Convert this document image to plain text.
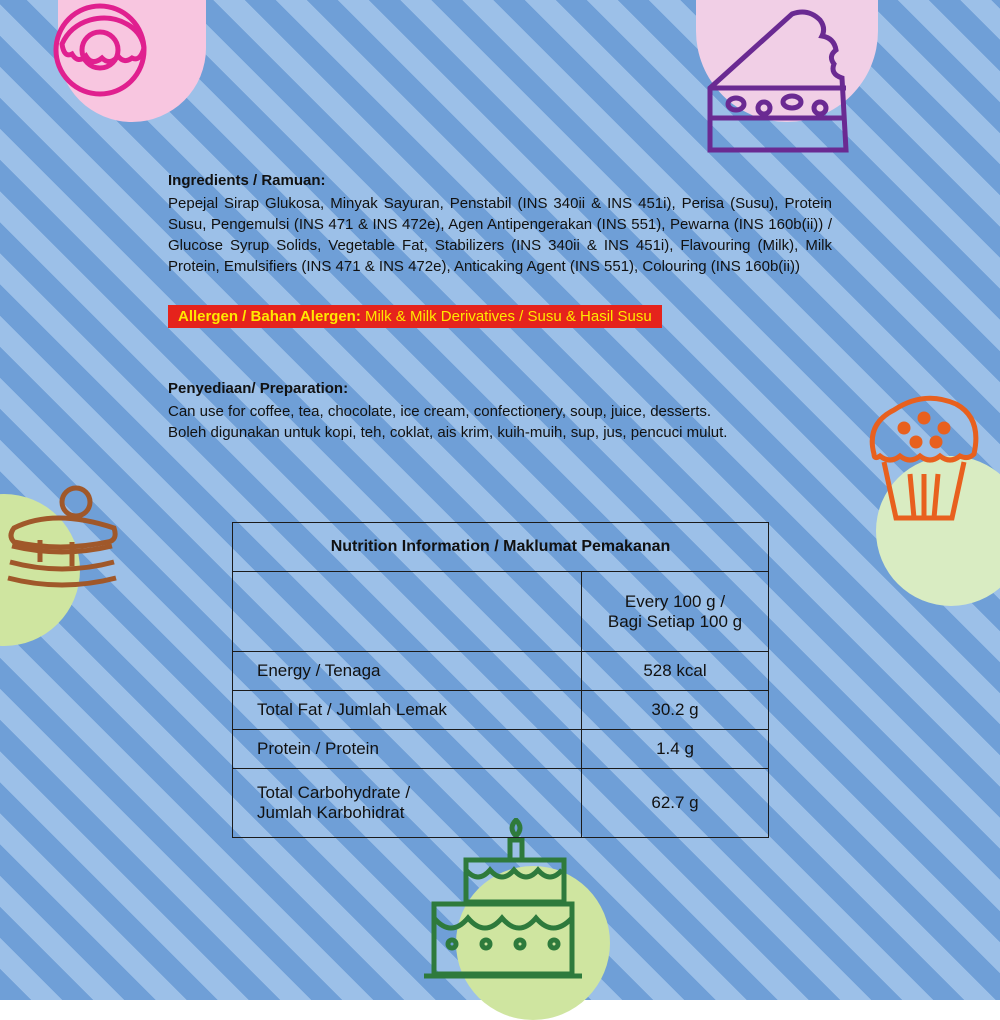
Ingredients / Ramuan:

Pepejal Sirap Glukosa, Minyak Sayuran, Penstabil (INS 340ii & INS 451i), Perisa (Susu), Protein Susu, Pengemulsi (INS 471 & INS 472e), Agen Antipengerakan (INS 551), Pewarna (INS 160b(ii)) / Glucose Syrup Solids, Vegetable Fat, Stabilizers (INS 340ii & INS 451i), Flavouring (Milk), Milk Protein, Emulsifiers (INS 471 & INS 472e), Anticaking Agent (INS 551), Colouring (INS 160b(ii))

Allergen / Bahan Alergen: Milk & Milk Derivatives / Susu & Hasil Susu

Penyediaan/ Preparation:

Can use for coffee, tea, chocolate, ice cream, confectionery, soup, juice, desserts.

Boleh digunakan untuk kopi, teh, coklat, ais krim, kuih-muih, sup, jus, pencuci mulut.

Nutrition Information / Maklumat Pemakanan	

	Every 100 g /
Bagi Setiap 100 g

Energy / Tenaga	528 kcal
Total Fat / Jumlah Lemak	30.2 g
Protein / Protein	1.4 g

Total Carbohydrate /
Jumlah Karbohidrat	62.7 g
